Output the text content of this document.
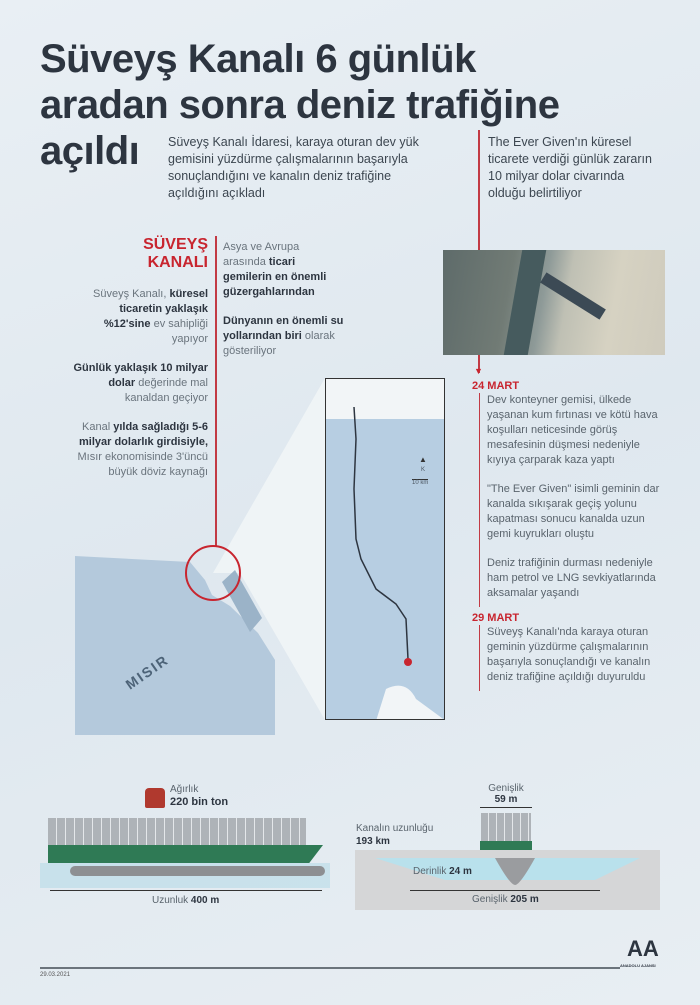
Süveyş Kanalı 6 günlük
aradan sonra deniz trafiğine
açıldı	Süveyş Kanalı İdaresi, karaya oturan dev yük gemisini yüzdürme çalışmalarının başarıyla sonuçlandığını ve kanalın deniz trafiğine açıldığını açıkladı
The Ever Given'ın küresel ticarete verdiği günlük zararın 10 milyar dolar civarında olduğu belirtiliyor
▼
24 MART

Dev konteyner gemisi, ülkede yaşanan kum fırtınası ve kötü hava koşulları neticesinde görüş mesafesinin düşmesi nedeniyle kıyıya çarparak kaza yaptı

"The Ever Given" isimli geminin dar kanalda sıkışarak geçiş yolunu kapatması sonucu kanalda uzun gemi kuyrukları oluştu

Deniz trafiğinin durması nedeniyle ham petrol ve LNG sevkiyatlarında aksamalar yaşandı

29 MART

Süveyş Kanalı'nda karaya oturan geminin yüzdürme çalışmalarının başarıyla sonuçlandığı ve kanalın deniz trafiğine açıldığı duyuruldu

SÜVEYŞ
KANALI
Süveyş Kanalı, küresel ticaretin yaklaşık %12'sine ev sahipliği yapıyor
Günlük yaklaşık 10 milyar dolar değerinde mal kanaldan geçiyor
Kanal yılda sağladığı 5-6 milyar dolarlık girdisiyle, Mısır ekonomisinde 3'üncü büyük döviz kaynağı
Asya ve Avrupa arasında ticari gemilerin en önemli güzergahlarından
Dünyanın en önemli su yollarından biri olarak gösteriliyor
MISIR
▲
K
10 km
Ağırlık
220 bin ton
Uzunluk 400 m
Genişlik
59 m
Kanalın uzunluğu
193 km
Derinlik 24 m
Genişlik 205 m
29.03.2021
AA
ANADOLU AJANSI
